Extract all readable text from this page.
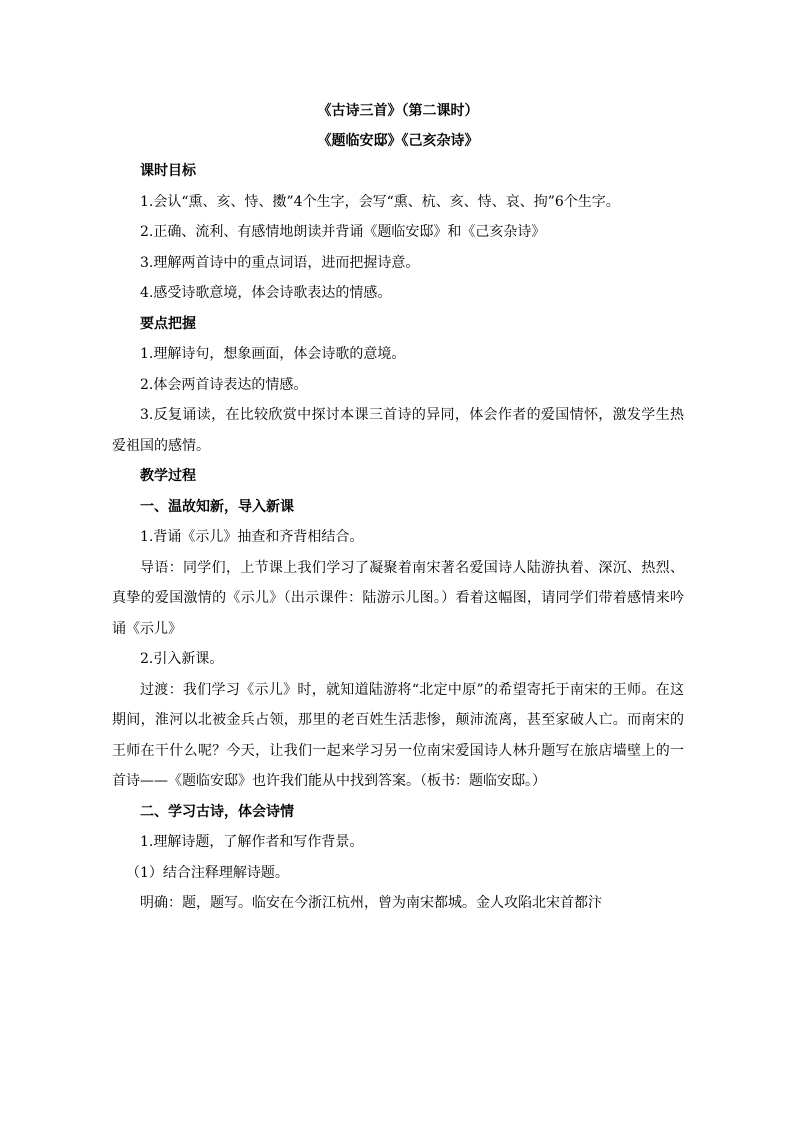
《古诗三首》（第二课时）
《题临安邸》《己亥杂诗》

课时目标

1.会认“熏、亥、恃、擞”4个生字，会写“熏、杭、亥、恃、哀、拘”6个生字。

2.正确、流利、有感情地朗读并背诵《题临安邸》和《己亥杂诗》

3.理解两首诗中的重点词语，进而把握诗意。

4.感受诗歌意境，体会诗歌表达的情感。

要点把握

1.理解诗句，想象画面，体会诗歌的意境。

2.体会两首诗表达的情感。

3.反复诵读，在比较欣赏中探讨本课三首诗的异同，体会作者的爱国情怀，激发学生热爱祖国的感情。

教学过程

一、温故知新，导入新课

1.背诵《示儿》抽查和齐背相结合。

导语：同学们，上节课上我们学习了凝聚着南宋著名爱国诗人陆游执着、深沉、热烈、真挚的爱国激情的《示儿》（出示课件：陆游示儿图。）看着这幅图，请同学们带着感情来吟诵《示儿》

2.引入新课。

过渡：我们学习《示儿》时，就知道陆游将“北定中原”的希望寄托于南宋的王师。在这期间，淮河以北被金兵占领，那里的老百姓生活悲惨，颠沛流离，甚至家破人亡。而南宋的王师在干什么呢？今天，让我们一起来学习另一位南宋爱国诗人林升题写在旅店墙壁上的一首诗——《题临安邸》也许我们能从中找到答案。（板书：题临安邸。）

二、学习古诗，体会诗情

1.理解诗题，了解作者和写作背景。

（1）结合注释理解诗题。

明确：题，题写。临安在今浙江杭州，曾为南宋都城。金人攻陷北宋首都汴
